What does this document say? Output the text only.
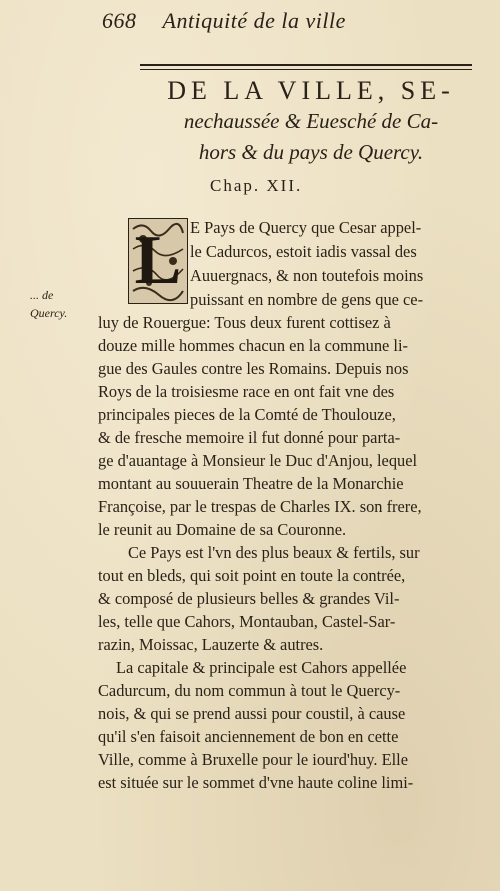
668 Antiquité de la ville
DE LA VILLE, SE-
nechaussée & Euesché de Ca-
hors & du pays de Quercy.
Chap. XII.
L
... de
Quercy.
E Pays de Quercy que Cesar appel-
le Cadurcos, estoit iadis vassal des
Auuergnacs, & non toutefois moins
puissant en nombre de gens que ce-
luy de Rouergue: Tous deux furent cottisez à
douze mille hommes chacun en la commune li-
gue des Gaules contre les Romains. Depuis nos
Roys de la troisiesme race en ont fait vne des
principales pieces de la Comté de Thoulouze,
& de fresche memoire il fut donné pour parta-
ge d'auantage à Monsieur le Duc d'Anjou, lequel
montant au souuerain Theatre de la Monarchie
Françoise, par le trespas de Charles IX. son frere,
le reunit au Domaine de sa Couronne.
Ce Pays est l'vn des plus beaux & fertils, sur
tout en bleds, qui soit point en toute la contrée,
& composé de plusieurs belles & grandes Vil-
les, telle que Cahors, Montauban, Castel-Sar-
razin, Moissac, Lauzerte & autres.
La capitale & principale est Cahors appellée
Cadurcum, du nom commun à tout le Quercy-
nois, & qui se prend aussi pour coustil, à cause
qu'il s'en faisoit anciennement de bon en cette
Ville, comme à Bruxelle pour le iourd'huy. Elle
est située sur le sommet d'vne haute coline limi-
